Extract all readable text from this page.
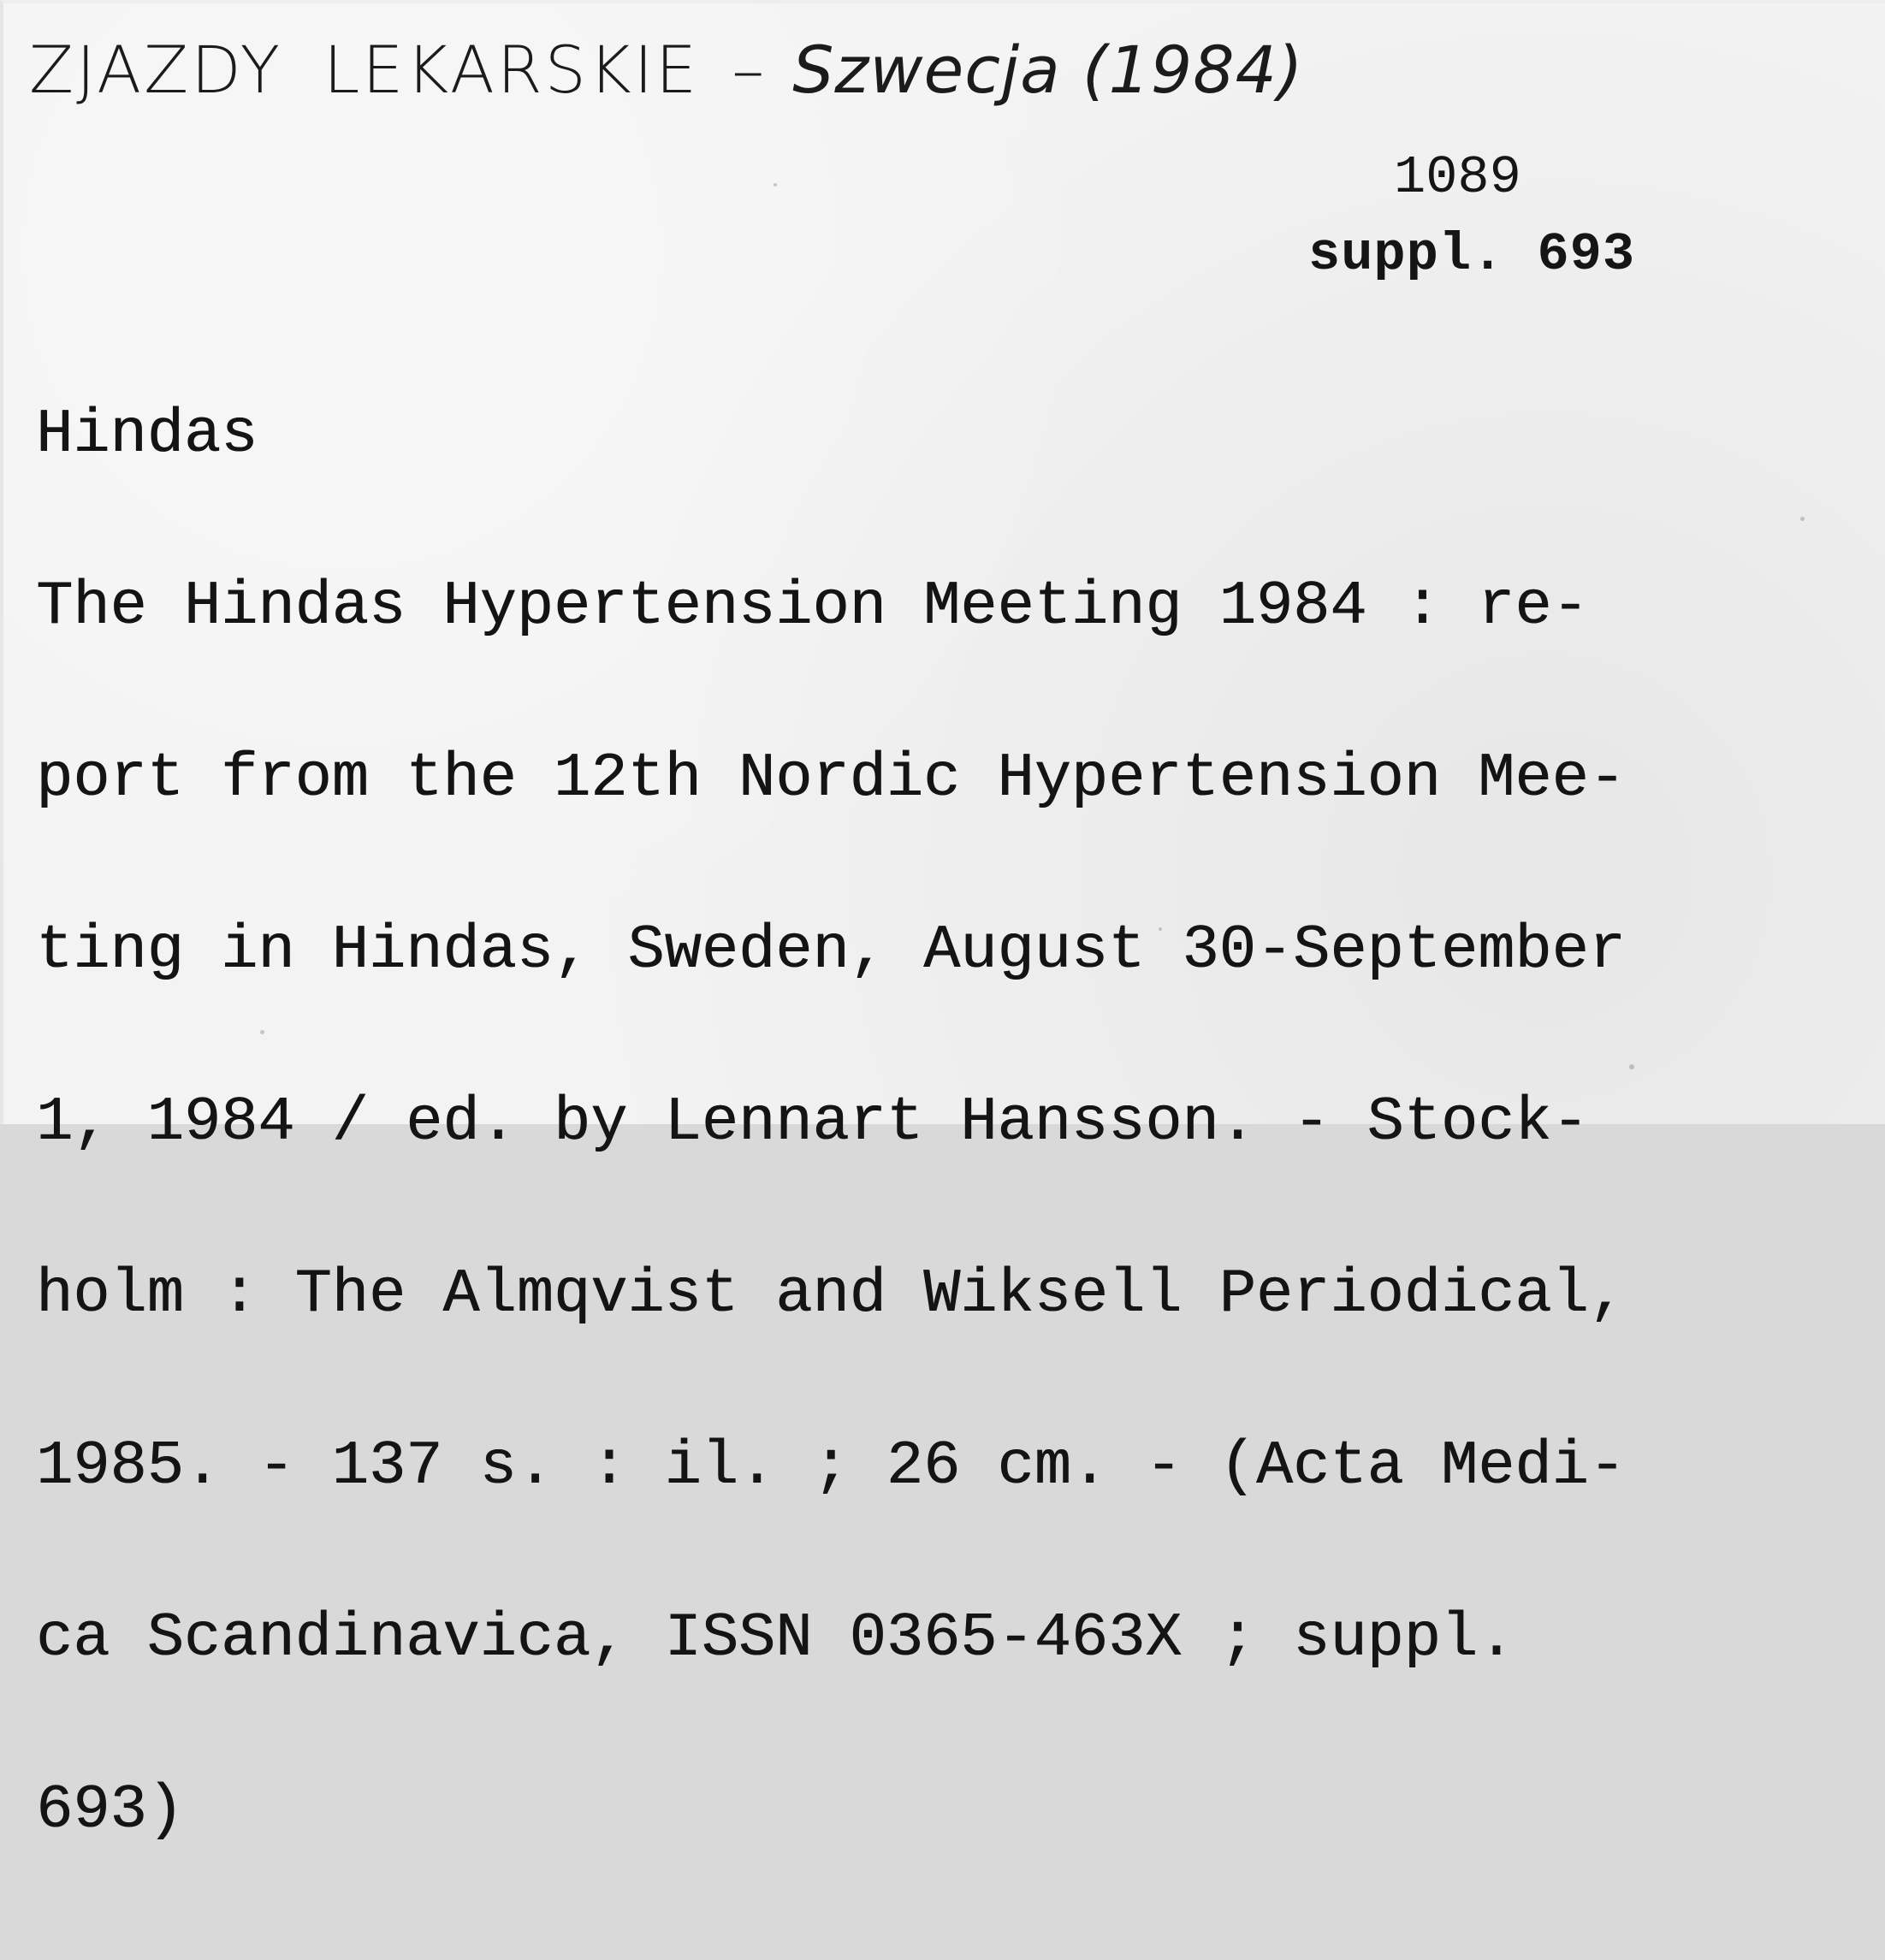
ZJAZDY LEKARSKIE – Szwecja (1984)
1089
suppl. 693

Hindas

The Hindas Hypertension Meeting 1984 : re-

port from the 12th Nordic Hypertension Mee-

ting in Hindas, Sweden, August 30-September

1, 1984 / ed. by Lennart Hansson. - Stock-

holm : The Almqvist and Wiksell Periodical,

1985. - 137 s. : il. ; 26 cm. - (Acta Medi-

ca Scandinavica, ISSN 0365-463X ; suppl.

693)
